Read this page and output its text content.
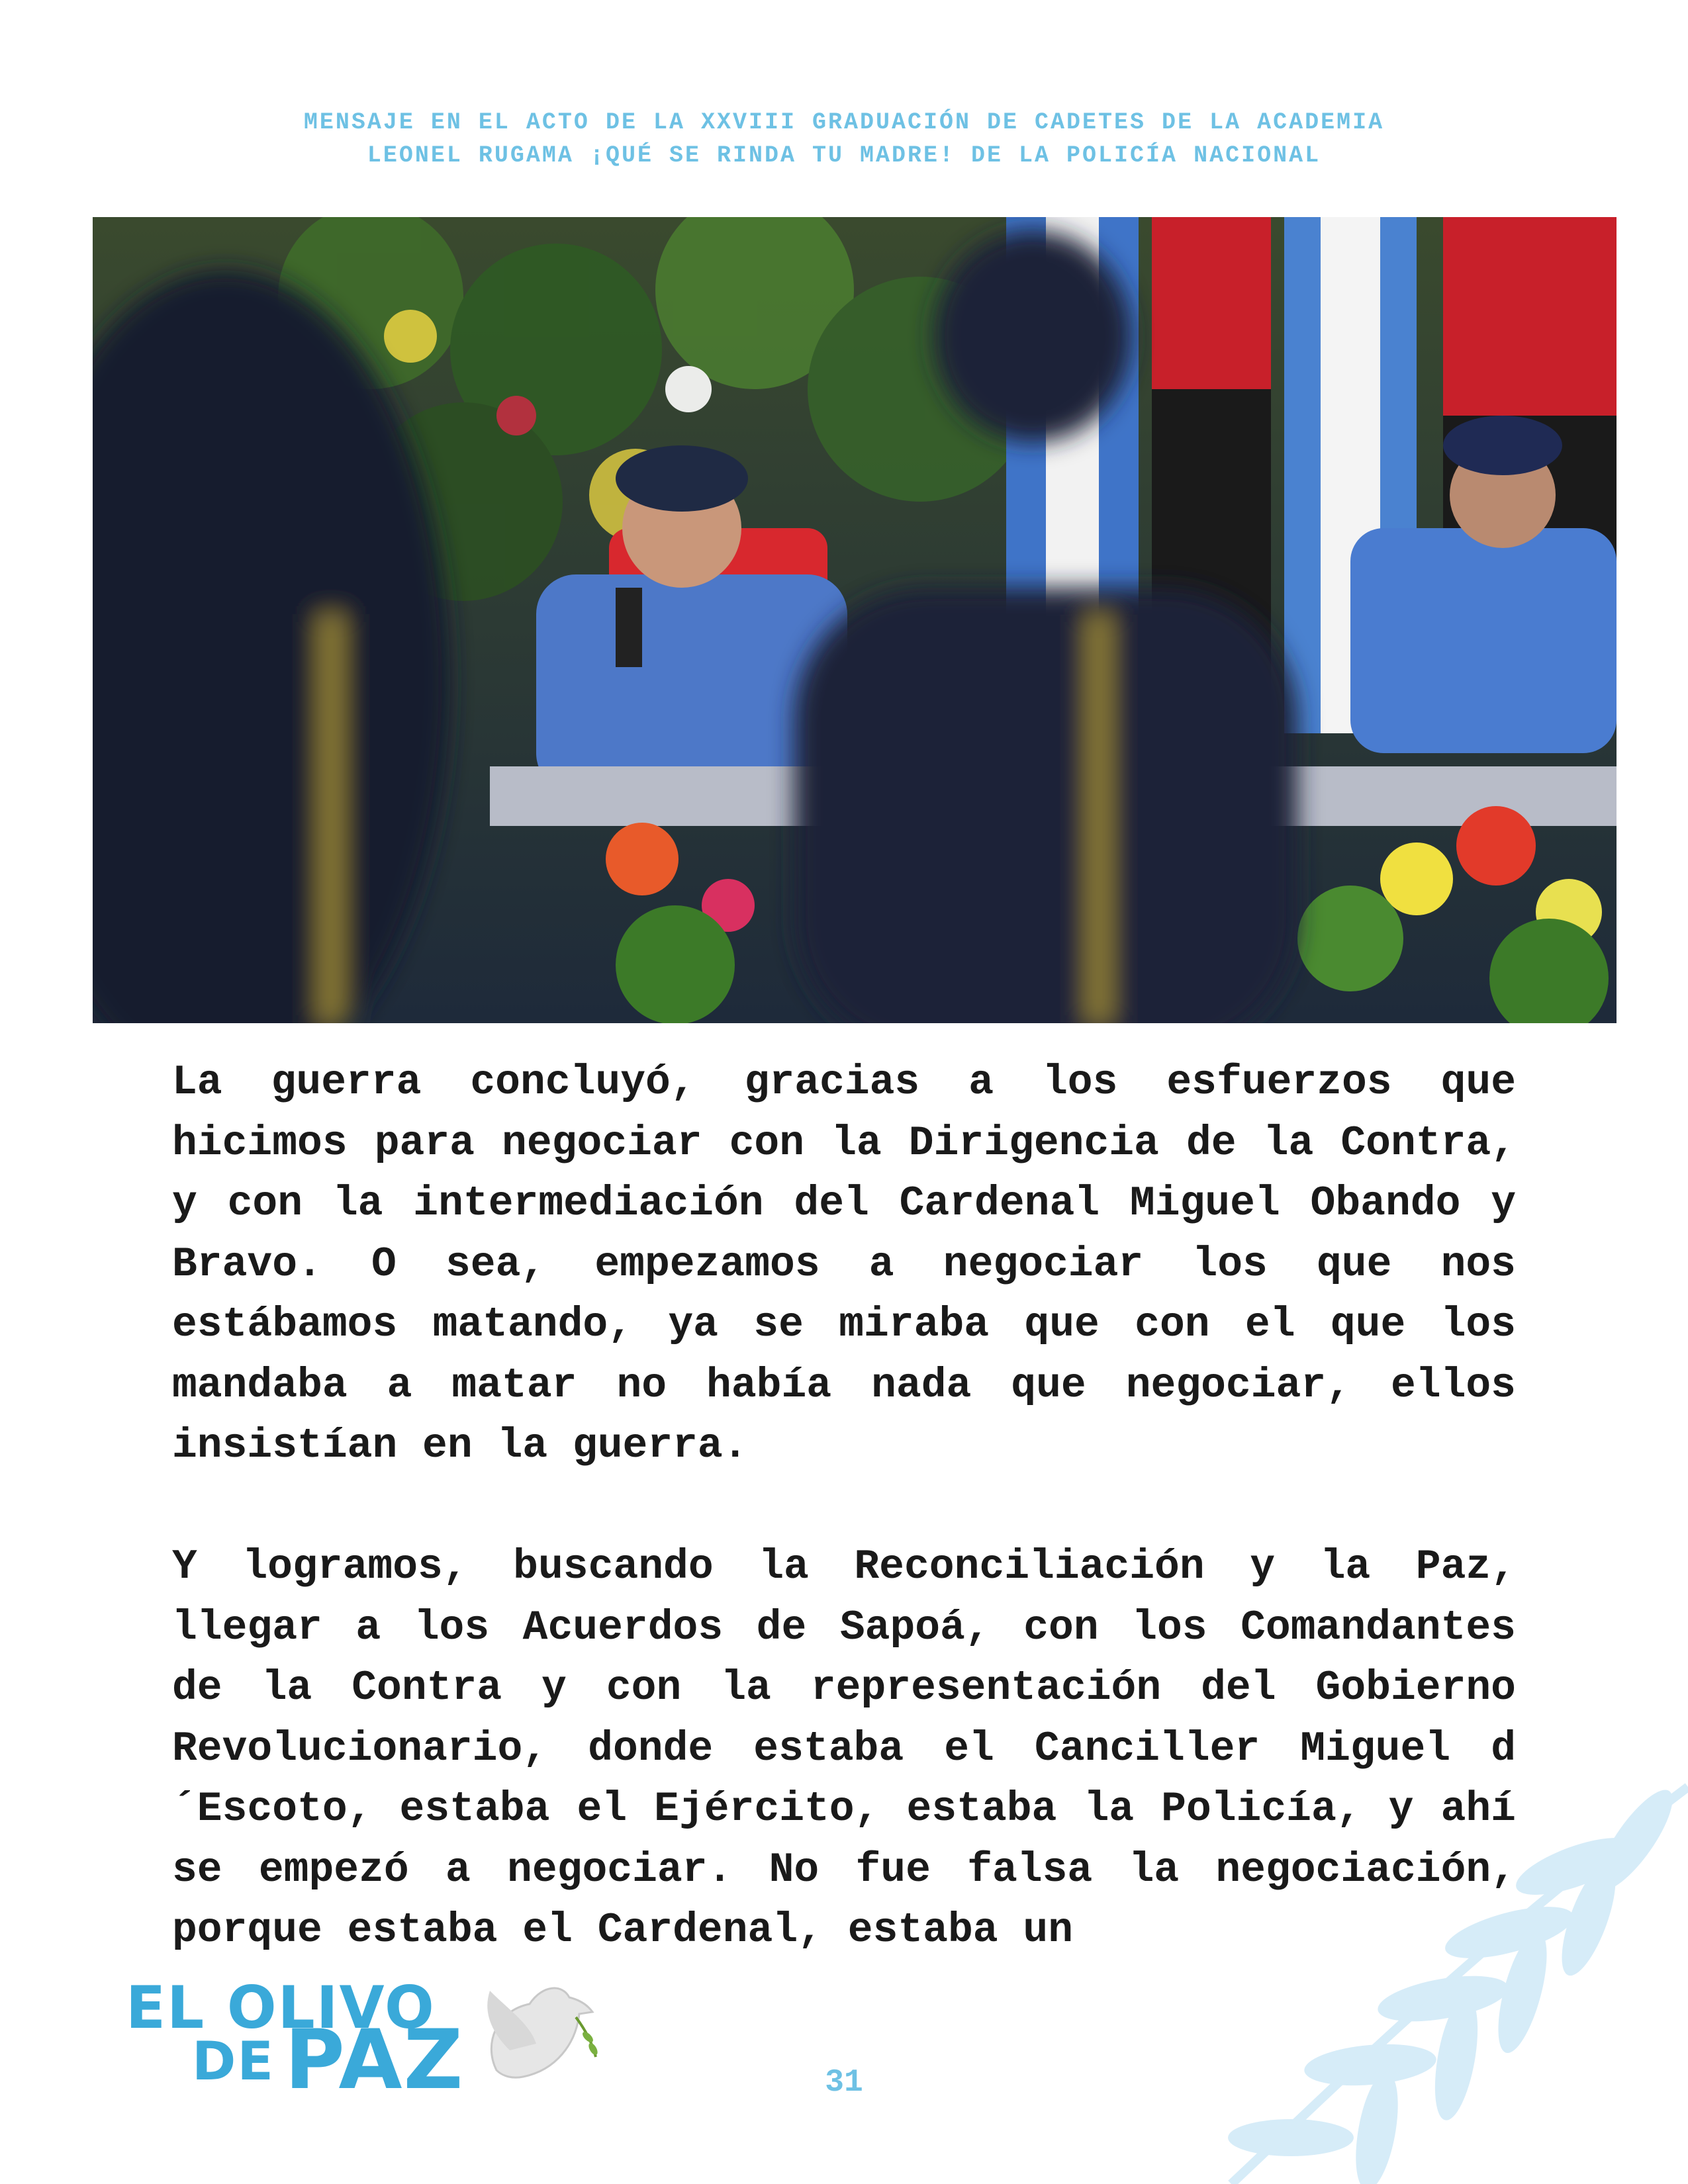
MENSAJE EN EL ACTO DE LA XXVIII GRADUACIÓN DE CADETES DE LA ACADEMIA
LEONEL RUGAMA ¡QUÉ SE RINDA TU MADRE! DE LA POLICÍA NACIONAL

La guerra concluyó, gracias a los esfuerzos que hicimos para negociar con la Dirigencia de la Contra, y con la intermediación del Cardenal Miguel Obando y Bravo. O sea, empezamos a negociar los que nos estábamos matando, ya se miraba que con el que los mandaba a matar no había nada que negociar, ellos insistían en la guerra.

Y logramos, buscando la Reconciliación y la Paz, llegar a los Acuerdos de Sapoá, con los Comandantes de la Contra y con la representación del Gobierno Revolucionario, donde estaba el Canciller Miguel d´Escoto, estaba el Ejército, estaba la Policía, y ahí se empezó a negociar. No fue falsa la negociación, porque estaba el Cardenal, estaba un

EL OLIVO
DE PAZ	31
